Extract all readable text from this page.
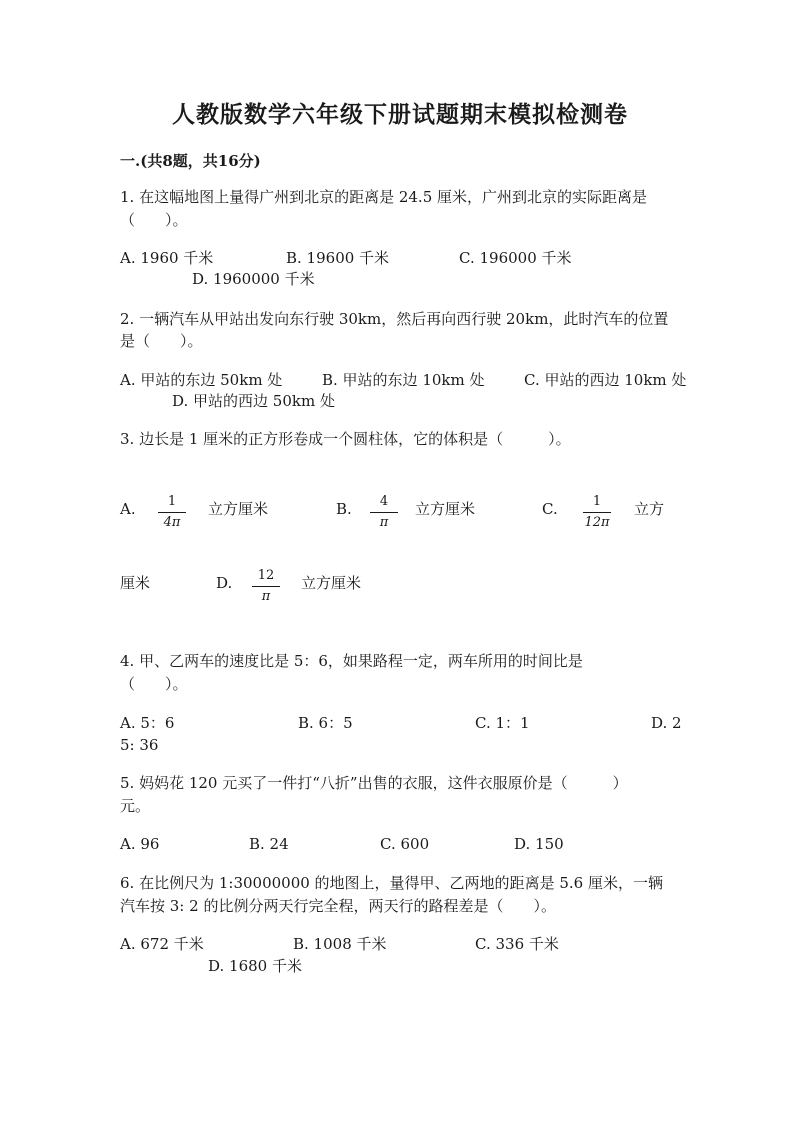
人教版数学六年级下册试题期末模拟检测卷
一.(共8题，共16分)
1. 在这幅地图上量得广州到北京的距离是 24.5 厘米，广州到北京的实际距离是
（　　）。
A. 1960 千米	B. 19600 千米	C. 196000 千米
D. 1960000 千米
2. 一辆汽车从甲站出发向东行驶 30km，然后再向西行驶 20km，此时汽车的位置
是（　　）。
A. 甲站的东边 50km 处	B. 甲站的东边 10km 处	C. 甲站的西边 10km 处
D. 甲站的西边 50km 处
3. 边长是 1 厘米的正方形卷成一个圆柱体，它的体积是（　　　）。
A.	1
4π
立方厘米	B.	4
π
立方厘米	C.	1
12π
立方
厘米	D.	12
π
立方厘米
4. 甲、乙两车的速度比是 5：6，如果路程一定，两车所用的时间比是
（　　）。
A. 5：6	B. 6：5	C. 1：1	D. 2
5: 36
5. 妈妈花 120 元买了一件打“八折”出售的衣服，这件衣服原价是（　　　）
元。
A. 96	B. 24	C. 600	D. 150
6. 在比例尺为 1:30000000 的地图上，量得甲、乙两地的距离是 5.6 厘米，一辆
汽车按 3: 2 的比例分两天行完全程，两天行的路程差是（　　）。
A. 672 千米	B. 1008 千米	C. 336 千米
D. 1680 千米
